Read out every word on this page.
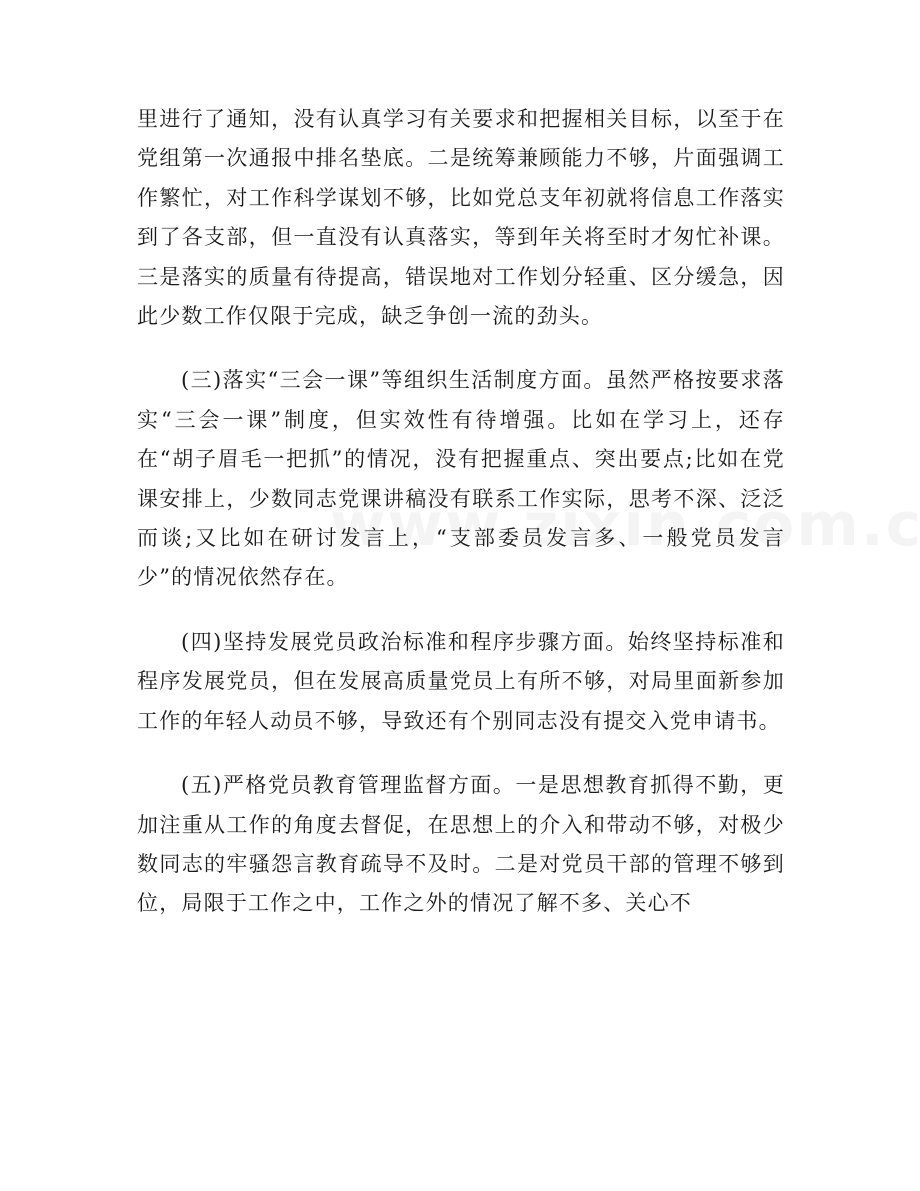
里进行了通知，没有认真学习有关要求和把握相关目标，以至于在党组第一次通报中排名垫底。二是统筹兼顾能力不够，片面强调工作繁忙，对工作科学谋划不够，比如党总支年初就将信息工作落实到了各支部，但一直没有认真落实，等到年关将至时才匆忙补课。三是落实的质量有待提高，错误地对工作划分轻重、区分缓急，因此少数工作仅限于完成，缺乏争创一流的劲头。

(三)落实“三会一课”等组织生活制度方面。虽然严格按要求落实“三会一课”制度，但实效性有待增强。比如在学习上，还存在“胡子眉毛一把抓”的情况，没有把握重点、突出要点;比如在党课安排上，少数同志党课讲稿没有联系工作实际，思考不深、泛泛而谈;又比如在研讨发言上，“支部委员发言多、一般党员发言少”的情况依然存在。

(四)坚持发展党员政治标准和程序步骤方面。始终坚持标准和程序发展党员，但在发展高质量党员上有所不够，对局里面新参加工作的年轻人动员不够，导致还有个别同志没有提交入党申请书。

(五)严格党员教育管理监督方面。一是思想教育抓得不勤，更加注重从工作的角度去督促，在思想上的介入和带动不够，对极少数同志的牢骚怨言教育疏导不及时。二是对党员干部的管理不够到位，局限于工作之中，工作之外的情况了解不多、关心不
